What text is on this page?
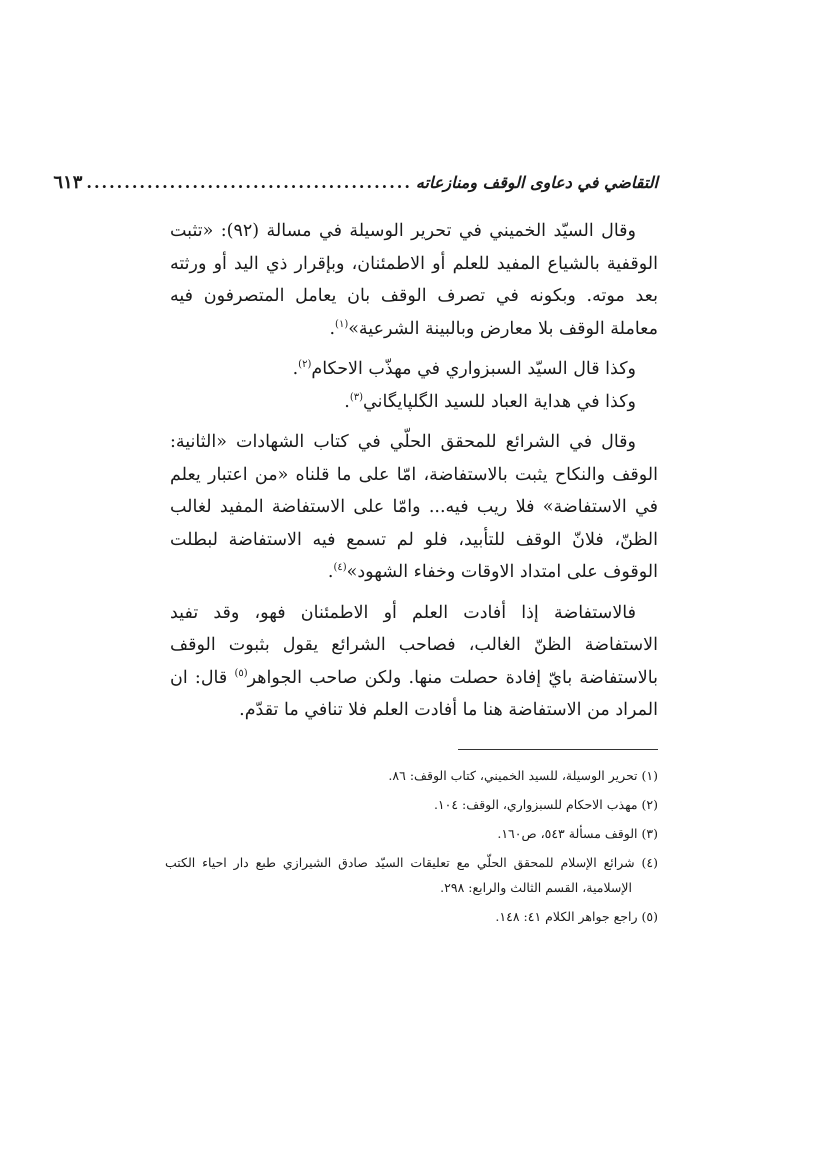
التقاضي في دعاوى الوقف ومنازعاته
...........................................
٦١٣

وقال السيّد الخميني في تحرير الوسيلة في مسالة (٩٢): «تثبت الوقفية بالشياع المفيد للعلم أو الاطمئنان، وبإقرار ذي اليد أو ورثته بعد موته. وبكونه في تصرف الوقف بان يعامل المتصرفون فيه معاملة الوقف بلا معارض وبالبينة الشرعية»$^{(١)}$.

وكذا قال السيّد السبزواري في مهذّب الاحكام$^{(٢)}$.

وكذا في هداية العباد للسيد الگلپايگاني$^{(٣)}$.

وقال في الشرائع للمحقق الحلّي في كتاب الشهادات «الثانية: الوقف والنكاح يثبت بالاستفاضة، امّا على ما قلناه «من اعتبار يعلم في الاستفاضة» فلا ريب فيه... وامّا على الاستفاضة المفيد لغالب الظنّ، فلانّ الوقف للتأبيد، فلو لم تسمع فيه الاستفاضة لبطلت الوقوف على امتداد الاوقات وخفاء الشهود»$^{(٤)}$.

فالاستفاضة إذا أفادت العلم أو الاطمئنان فهو، وقد تفيد الاستفاضة الظنّ الغالب، فصاحب الشرائع يقول بثبوت الوقف بالاستفاضة بايّ إفادة حصلت منها. ولكن صاحب الجواهر$^{(٥)}$ قال: ان المراد من الاستفاضة هنا ما أفادت العلم فلا تنافي ما تقدّم.

(١) تحرير الوسيلة، للسيد الخميني، كتاب الوقف: ٨٦.
(٢) مهذب الاحكام للسبزواري، الوقف: ١٠٤.
(٣) الوقف مسألة ٥٤٣، ص١٦٠.
(٤) شرائع الإسلام للمحقق الحلّي مع تعليقات السيّد صادق الشيرازي طبع دار احياء الكتب الإسلامية، القسم الثالث والرابع: ٢٩٨.
(٥) راجع جواهر الكلام ٤١: ١٤٨.
